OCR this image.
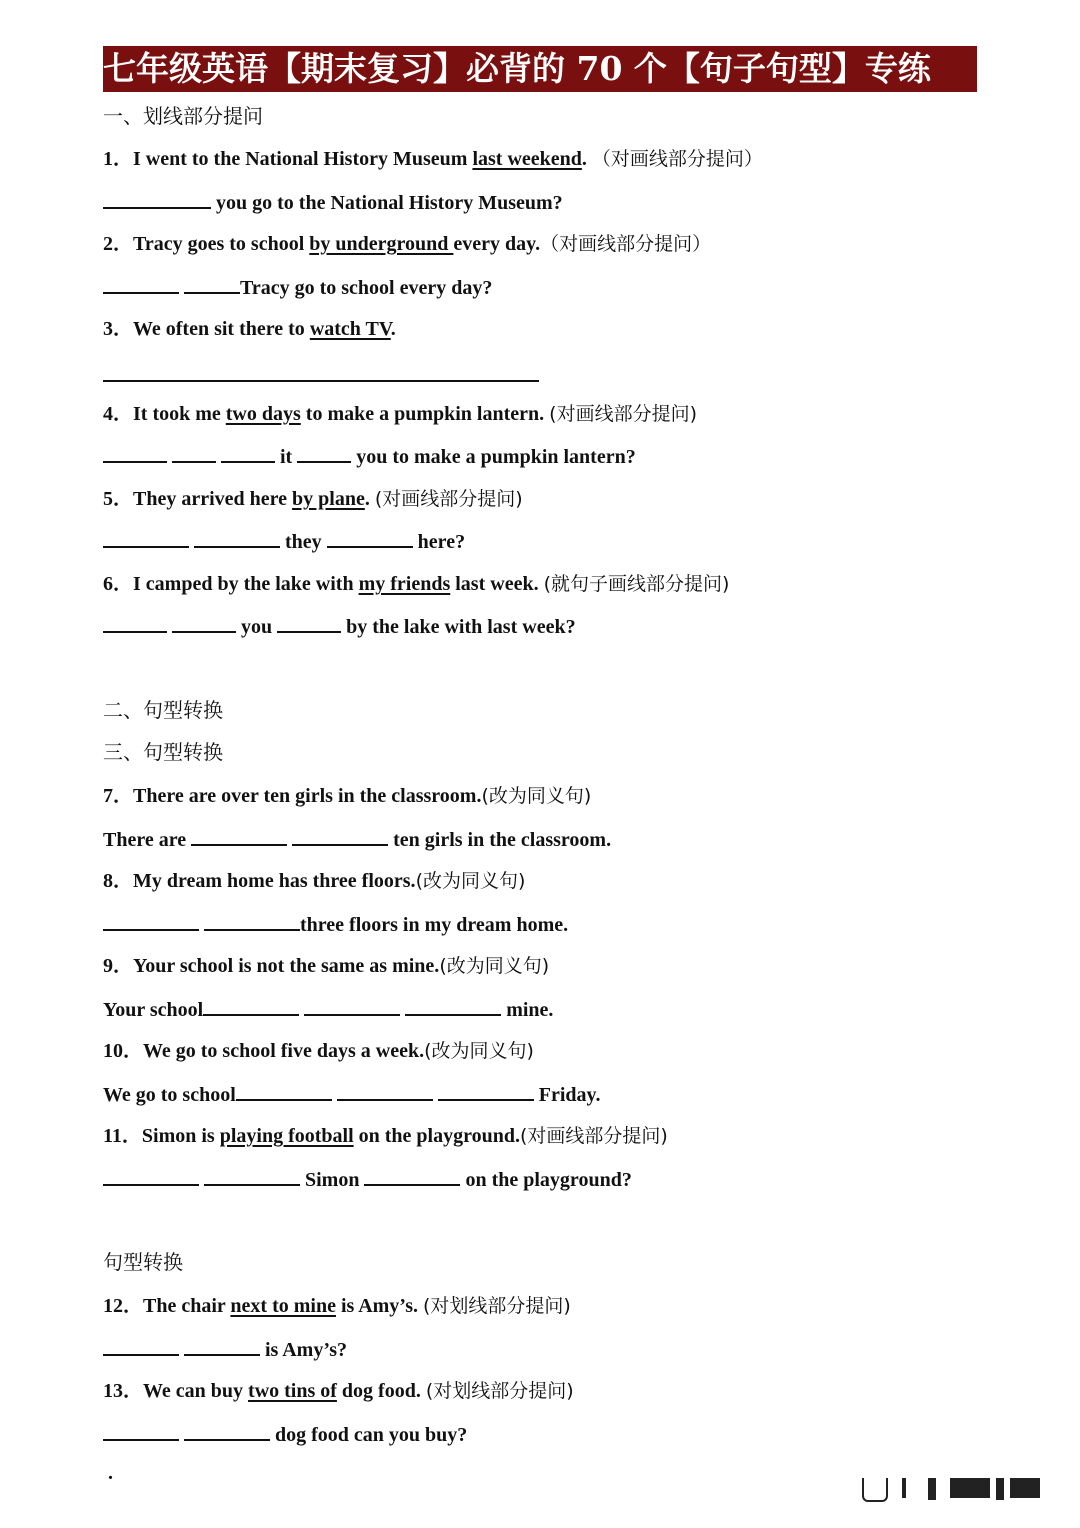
七年级英语【期末复习】必背的 70 个【句子句型】专练
一、划线部分提问
1．I went to the National History Museum last weekend. （对画线部分提问）
you go to the National History Museum?
2．Tracy goes to school by underground every day.（对画线部分提问）
Tracy go to school every day?
3．We often sit there to watch TV.
4．It took me two days to make a pumpkin lantern. (对画线部分提问)
it	you to make a pumpkin lantern?
5．They arrived here by plane. (对画线部分提问)
they	here?
6．I camped by the lake with my friends last week. (就句子画线部分提问)
you	by the lake with last week?
二、句型转换
三、句型转换
7．There are over ten girls in the classroom.(改为同义句)
There are	ten girls in the classroom.
8．My dream home has three floors.(改为同义句)
three floors in my dream home.
9．Your school is not the same as mine.(改为同义句)
Your school	mine.
10．We go to school five days a week.(改为同义句)
We go to school	Friday.
11．Simon is playing football on the playground.(对画线部分提问)
Simon	on the playground?
句型转换
12．The chair next to mine is Amy’s. (对划线部分提问)
is Amy’s?
13．We can buy two tins of dog food. (对划线部分提问)
dog food can you buy?
.
